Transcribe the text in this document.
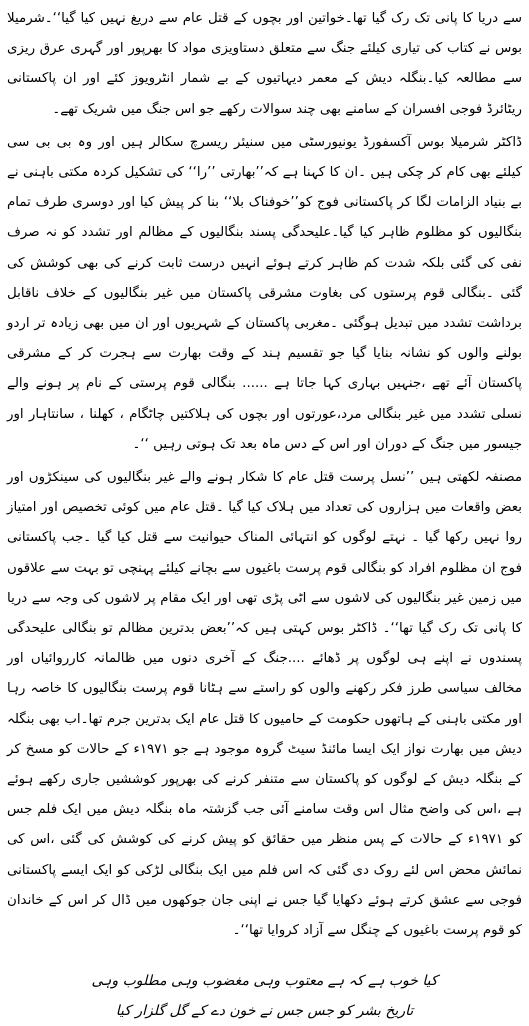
سے دریا کا پانی تک رک گیا تھا۔خواتین اور بچوں کے قتل عام سے دریغ نہیں کیا گیا‘‘۔شرمیلا بوس نے کتاب کی تیاری کیلئے جنگ سے متعلق دستاویزی مواد کا بھرپور اور گہری عرق ریزی سے مطالعہ کیا۔بنگلہ دیش کے معمر دیہاتیوں کے بے شمار انٹرویوز کئے اور ان پاکستانی ریٹائرڈ فوجی افسران کے سامنے بھی چند سوالات رکھے جو اس جنگ میں شریک تھے۔

ڈاکٹر شرمیلا بوس آکسفورڈ یونیورسٹی میں سنیئر ریسرچ سکالر ہیں اور وہ بی بی سی کیلئے بھی کام کر چکی ہیں ۔ان کا کہنا ہے کہ’’بھارتی ’’را‘‘ کی تشکیل کردہ مکتی باہنی نے بے بنیاد الزامات لگا کر پاکستانی فوج کو’’خوفناک بلا‘‘ بنا کر پیش کیا اور دوسری طرف تمام بنگالیوں کو مظلوم ظاہر کیا گیا۔علیحدگی پسند بنگالیوں کے مظالم اور تشدد کو نہ صرف نفی کی گئی بلکہ شدت کم ظاہر کرتے ہوئے انہیں درست ثابت کرنے کی بھی کوشش کی گئی ۔بنگالی قوم پرستوں کی بغاوت مشرقی پاکستان میں غیر بنگالیوں کے خلاف ناقابل برداشت تشدد میں تبدیل ہوگئی ۔مغربی پاکستان کے شہریوں اور ان میں بھی زیادہ تر اردو بولنے والوں کو نشانہ بنایا گیا جو تقسیم ہند کے وقت بھارت سے ہجرت کر کے مشرقی پاکستان آئے تھے ،جنہیں بہاری کہا جاتا ہے ...... بنگالی قوم پرستی کے نام پر ہونے والے نسلی تشدد میں غیر بنگالی مرد،عورتوں اور بچوں کی ہلاکتیں چاٹگام ، کھلنا ، سانتاہار اور جیسور میں جنگ کے دوران اور اس کے دس ماہ بعد تک ہوتی رہیں ‘‘۔

مصنفہ لکھتی ہیں ’’نسل پرست قتل عام کا شکار ہونے والے غیر بنگالیوں کی سینکڑوں اور بعض واقعات میں ہزاروں کی تعداد میں ہلاک کیا گیا ۔قتل عام میں کوئی تخصیص اور امتیاز روا نہیں رکھا گیا ۔ نہتے لوگوں کو انتہائی المناک حیوانیت سے قتل کیا گیا ۔جب پاکستانی فوج ان مظلوم افراد کو بنگالی قوم پرست باغیوں سے بچانے کیلئے پہنچی تو بہت سے علاقوں میں زمین غیر بنگالیوں کی لاشوں سے اٹی پڑی تھی اور ایک مقام پر لاشوں کی وجہ سے دریا کا پانی تک رک گیا تھا‘‘۔ ڈاکٹر بوس کہتی ہیں کہ’’بعض بدترین مظالم تو بنگالی علیحدگی پسندوں نے اپنے ہی لوگوں پر ڈھائے ....جنگ کے آخری دنوں میں ظالمانہ کارروائیاں اور مخالف سیاسی طرز فکر رکھنے والوں کو راستے سے ہٹانا قوم پرست بنگالیوں کا خاصہ رہا اور مکتی باہنی کے ہاتھوں حکومت کے حامیوں کا قتل عام ایک بدترین جرم تھا۔اب بھی بنگلہ دیش میں بھارت نواز ایک ایسا مائنڈ سیٹ گروہ موجود ہے جو ۱۹۷۱ء کے حالات کو مسخ کر کے بنگلہ دیش کے لوگوں کو پاکستان سے متنفر کرنے کی بھرپور کوششیں جاری رکھے ہوئے ہے ،اس کی واضح مثال اس وقت سامنے آئی جب گزشتہ ماہ بنگلہ دیش میں ایک فلم جس کو ۱۹۷۱ء کے حالات کے پس منظر میں حقائق کو پیش کرنے کی کوشش کی گئی ،اس کی نمائش محض اس لئے روک دی گئی کہ اس فلم میں ایک بنگالی لڑکی کو ایک ایسے پاکستانی فوجی سے عشق کرتے ہوئے دکھایا گیا جس نے اپنی جان جوکھوں میں ڈال کر اس کے خاندان کو قوم پرست باغیوں کے چنگل سے آزاد کروایا تھا‘‘۔

کیا خوب ہے کہ ہے معتوب وہی مغضوب وہی مطلوب وہی
تاریخ بشر کو جس جس نے خون دے کے گل گلزار کیا
